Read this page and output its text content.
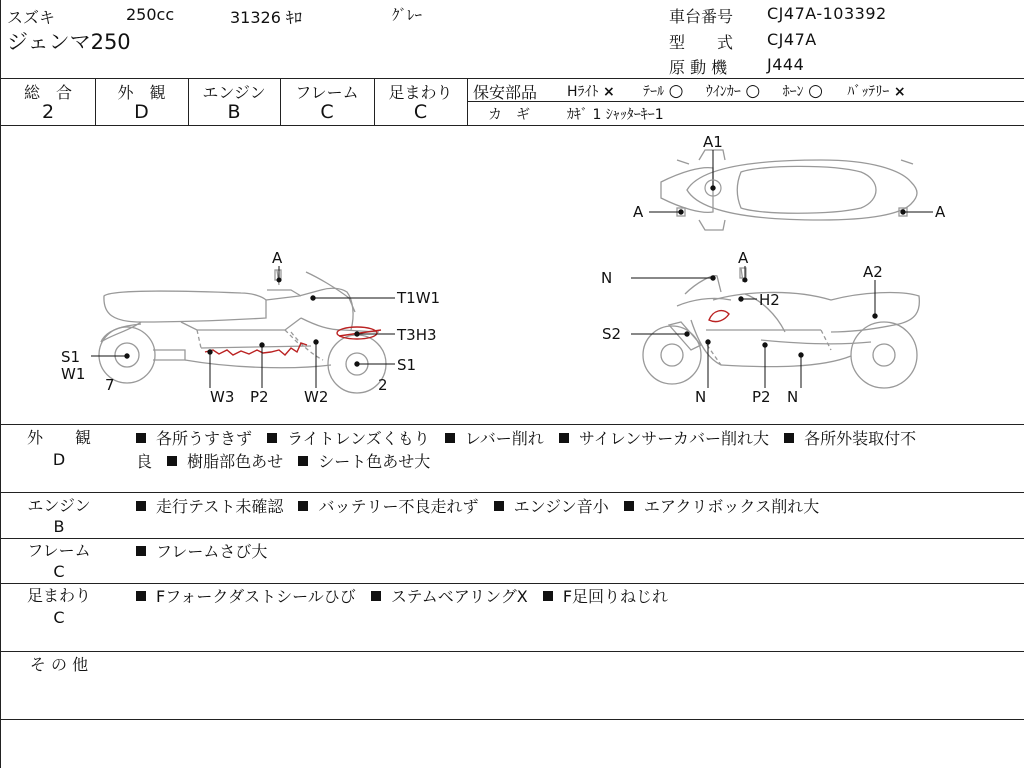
スズキ	250cc	31326 ｷﾛ	ｸﾞﾚｰ
ジェンマ250
車台番号 CJ47A-103392
型　　式 CJ47A
原 動 機 J444
総　合	外　観	エンジン	フレーム	足まわり
2	D	B	C	C
保安部品 Hﾗｲﾄ × ﾃｰﾙ ○ ｳｲﾝｶｰ ○ ﾎｰﾝ ○ ﾊﾞｯﾃﾘｰ ×
カ　ギ	ｶｷﾞ 1 ｼｬｯﾀｰｷｰ1
A
T1W1
T3H3
S1
2
S1
W1
7
W3 P2 W2
N
A
A2
H2
S2
N	P2 N
A1
A	A
外　　観
D
各所うすきず ライトレンズくもり レバー削れ サイレンサーカバー削れ大 各所外装取付不
良 樹脂部色あせ シート色あせ大
エンジン
B
走行テスト未確認 バッテリー不良走れず エンジン音小 エアクリボックス削れ大
フレーム
C
フレームさび大
足まわり
C
Fフォークダストシールひび ステムベアリングX F足回りねじれ
そ の 他
